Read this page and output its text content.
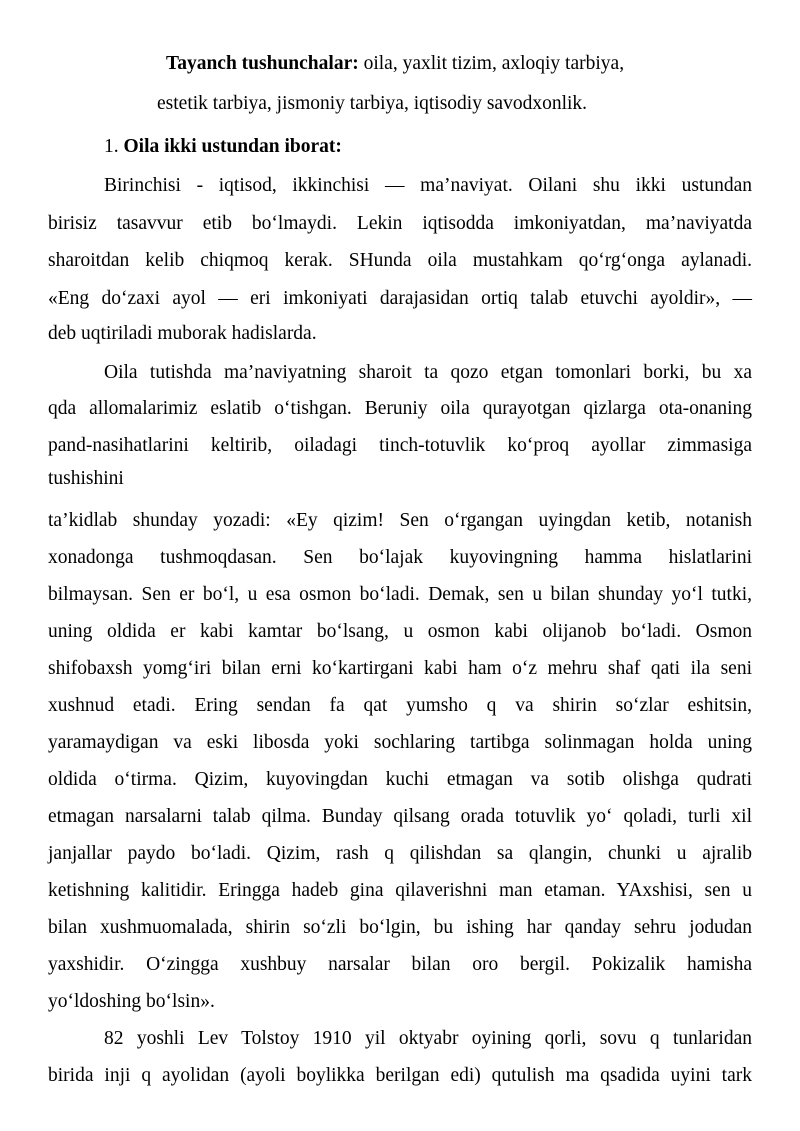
Tayanch tushunchalar: oila, yaxlit tizim, axloqiy tarbiya,
estetik tarbiya, jismoniy tarbiya, iqtisodiy savodxonlik.
1. Oila ikki ustundan iborat:
Birinchisi - iqtisod, ikkinchisi — ma’naviyat. Oilani shu ikki ustundan
birisiz tasavvur etib bo‘lmaydi. Lekin iqtisodda imkoniyatdan, ma’naviyatda
sharoitdan kelib chiqmoq kerak. SHunda oila mustahkam qo‘rg‘onga aylanadi.
«Eng do‘zaxi ayol — eri imkoniyati darajasidan ortiq talab etuvchi ayoldir», —
deb uqtiriladi muborak hadislarda.
Oila tutishda ma’naviyatning sharoit ta qozo etgan tomonlari borki, bu xa
qda allomalarimiz eslatib o‘tishgan. Beruniy oila qurayotgan qizlarga ota-onaning
pand-nasihatlarini keltirib, oiladagi tinch-totuvlik ko‘proq ayollar zimmasiga
tushishini
ta’kidlab shunday yozadi: «Ey qizim! Sen o‘rgangan uyingdan ketib, notanish
xonadonga tushmoqdasan. Sen bo‘lajak kuyovingning hamma hislatlarini
bilmaysan. Sen er bo‘l, u esa osmon bo‘ladi. Demak, sen u bilan shunday yo‘l tutki,
uning oldida er kabi kamtar bo‘lsang, u osmon kabi olijanob bo‘ladi. Osmon
shifobaxsh yomg‘iri bilan erni ko‘kartirgani kabi ham o‘z mehru shaf qati ila seni
xushnud etadi. Ering sendan fa qat yumsho q va shirin so‘zlar eshitsin,
yaramaydigan va eski libosda yoki sochlaring tartibga solinmagan holda uning
oldida o‘tirma. Qizim, kuyovingdan kuchi etmagan va sotib olishga qudrati
etmagan narsalarni talab qilma. Bunday qilsang orada totuvlik yo‘ qoladi, turli xil
janjallar paydo bo‘ladi. Qizim, rash q qilishdan sa qlangin, chunki u ajralib
ketishning kalitidir. Eringga hadeb gina qilaverishni man etaman. YAxshisi, sen u
bilan xushmuomalada, shirin so‘zli bo‘lgin, bu ishing har qanday sehru jodudan
yaxshidir. O‘zingga xushbuy narsalar bilan oro bergil. Pokizalik hamisha
yo‘ldoshing bo‘lsin».
82 yoshli Lev Tolstoy 1910 yil oktyabr oyining qorli, sovu q tunlaridan
birida inji q ayolidan (ayoli boylikka berilgan edi) qutulish ma qsadida uyini tark
